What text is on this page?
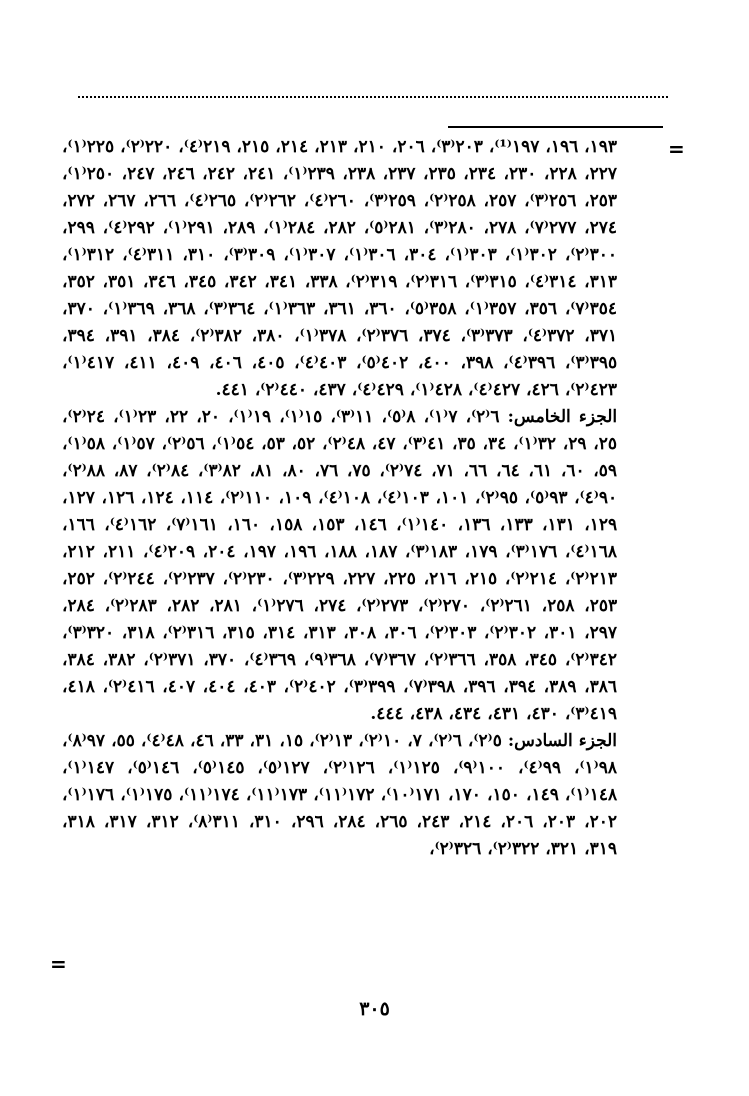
=

١٩٣، ١٩٦، ١٩٧⁽¹⁾، ٢٠٣⁽٣⁾، ٢٠٦، ٢١٠، ٢١٣، ٢١٤، ٢١٥، ٢١٩⁽٤⁾، ٢٢٠⁽٢⁾، ٢٢٥⁽١⁾، ٢٢٧، ٢٢٨، ٢٣٠، ٢٣٤، ٢٣٥، ٢٣٧، ٢٣٨، ٢٣٩⁽١⁾، ٢٤١، ٢٤٢، ٢٤٦، ٢٤٧، ٢٥٠⁽١⁾، ٢٥٣، ٢٥٦⁽٣⁾، ٢٥٧، ٢٥٨⁽٢⁾، ٢٥٩⁽٣⁾، ٢٦٠⁽٤⁾، ٢٦٢⁽٢⁾، ٢٦٥⁽٤⁾، ٢٦٦، ٢٦٧، ٢٧٢، ٢٧٤، ٢٧٧⁽٧⁾، ٢٧٨، ٢٨٠⁽٣⁾، ٢٨١⁽٥⁾، ٢٨٢، ٢٨٤⁽١⁾، ٢٨٩، ٢٩١⁽١⁾، ٢٩٢⁽٤⁾، ٢٩٩، ٣٠٠⁽٢⁾، ٣٠٢⁽١⁾، ٣٠٣⁽١⁾، ٣٠٤، ٣٠٦⁽١⁾، ٣٠٧⁽١⁾، ٣٠٩⁽٣⁾، ٣١٠، ٣١١⁽٤⁾، ٣١٢⁽١⁾، ٣١٣، ٣١٤⁽٤⁾، ٣١٥⁽٣⁾، ٣١٦⁽٢⁾، ٣١٩⁽٢⁾، ٣٣٨، ٣٤١، ٣٤٢، ٣٤٥، ٣٤٦، ٣٥١، ٣٥٢، ٣٥٤⁽٧⁾، ٣٥٦، ٣٥٧⁽١⁾، ٣٥٨⁽٥⁾، ٣٦٠، ٣٦١، ٣٦٣⁽١⁾، ٣٦٤⁽٣⁾، ٣٦٨، ٣٦٩⁽١⁾، ٣٧٠، ٣٧١، ٣٧٢⁽٤⁾، ٣٧٣⁽٣⁾، ٣٧٤، ٣٧٦⁽٢⁾، ٣٧٨⁽١⁾، ٣٨٠، ٣٨٢⁽٢⁾، ٣٨٤، ٣٩١، ٣٩٤، ٣٩٥⁽٣⁾، ٣٩٦⁽٤⁾، ٣٩٨، ٤٠٠، ٤٠٢⁽٥⁾، ٤٠٣⁽٤⁾، ٤٠٥، ٤٠٦، ٤٠٩، ٤١١، ٤١٧⁽١⁾، ٤٢٣⁽٢⁾، ٤٢٦، ٤٢٧⁽٤⁾، ٤٢٨⁽١⁾، ٤٢٩⁽٤⁾، ٤٣٧، ٤٤٠⁽٢⁾، ٤٤١.

الجزء الخامس: ٦⁽٢⁾، ٧⁽١⁾، ٨⁽٥⁾، ١١⁽٣⁾، ١٥⁽١⁾، ١٩⁽١⁾، ٢٠، ٢٢، ٢٣⁽١⁾، ٢٤⁽٢⁾، ٢٥، ٢٩، ٣٢⁽١⁾، ٣٤، ٣٥، ٤١⁽٣⁾، ٤٧، ٤٨⁽٢⁾، ٥٢، ٥٣، ٥٤⁽١⁾، ٥٦⁽٢⁾، ٥٧⁽١⁾، ٥٨⁽١⁾، ٥٩، ٦٠، ٦١، ٦٤، ٦٦، ٧١، ٧٤⁽٢⁾، ٧٥، ٧٦، ٨٠، ٨١، ٨٢⁽٣⁾، ٨٤⁽٢⁾، ٨٧، ٨٨⁽٢⁾، ٩٠⁽٤⁾، ٩٣⁽٥⁾، ٩٥⁽٢⁾، ١٠١، ١٠٣⁽٤⁾، ١٠٨⁽٤⁾، ١٠٩، ١١٠⁽٢⁾، ١١٤، ١٢٤، ١٢٦، ١٢٧، ١٢٩، ١٣١، ١٣٣، ١٣٦، ١٤٠⁽١⁾، ١٤٦، ١٥٣، ١٥٨، ١٦٠، ١٦١⁽٧⁾، ١٦٢⁽٤⁾، ١٦٦، ١٦٨⁽٤⁾، ١٧٦⁽٣⁾، ١٧٩، ١٨٣⁽٣⁾، ١٨٧، ١٨٨، ١٩٦، ١٩٧، ٢٠٤، ٢٠٩⁽٤⁾، ٢١١، ٢١٢، ٢١٣⁽٢⁾، ٢١٤⁽٢⁾، ٢١٥، ٢١٦، ٢٢٥، ٢٢٧، ٢٢٩⁽٣⁾، ٢٣٠⁽٢⁾، ٢٣٧⁽٢⁾، ٢٤٤⁽٢⁾، ٢٥٢، ٢٥٣، ٢٥٨، ٢٦١⁽٢⁾، ٢٧٠⁽٢⁾، ٢٧٣⁽٢⁾، ٢٧٤، ٢٧٦⁽١⁾، ٢٨١، ٢٨٢، ٢٨٣⁽٢⁾، ٢٨٤، ٢٩٧، ٣٠١، ٣٠٢⁽٢⁾، ٣٠٣⁽٢⁾، ٣٠٦، ٣٠٨، ٣١٣، ٣١٤، ٣١٥، ٣١٦⁽٢⁾، ٣١٨، ٣٢٠⁽٣⁾، ٣٤٢⁽٢⁾، ٣٤٥، ٣٥٨، ٣٦٦⁽٢⁾، ٣٦٧⁽٧⁾، ٣٦٨⁽٩⁾، ٣٦٩⁽٤⁾، ٣٧٠، ٣٧١⁽٢⁾، ٣٨٢، ٣٨٤، ٣٨٦، ٣٨٩، ٣٩٤، ٣٩٦، ٣٩٨⁽٧⁾، ٣٩٩⁽٣⁾، ٤٠٢⁽٢⁾، ٤٠٣، ٤٠٤، ٤٠٧، ٤١٦⁽٢⁾، ٤١٨، ٤١٩⁽٣⁾، ٤٣٠، ٤٣١، ٤٣٤، ٤٣٨، ٤٤٤.

الجزء السادس: ٥⁽٢⁾، ٦⁽٢⁾، ٧، ١٠⁽٢⁾، ١٣⁽٢⁾، ١٥، ٣١، ٣٣، ٤٦، ٤٨⁽٤⁾، ٥٥، ٩٧⁽٨⁾، ٩٨⁽١⁾، ٩٩⁽٤⁾، ١٠٠⁽٩⁾، ١٢٥⁽١⁾، ١٢٦⁽٢⁾، ١٢٧⁽٥⁾، ١٤٥⁽٥⁾، ١٤٦⁽٥⁾، ١٤٧⁽١⁾، ١٤٨⁽١⁾، ١٤٩، ١٥٠، ١٧٠، ١٧١⁽١٠⁾، ١٧٢⁽١١⁾، ١٧٣⁽١١⁾، ١٧٤⁽١١⁾، ١٧٥⁽١⁾، ١٧٦⁽١⁾، ٢٠٢، ٢٠٣، ٢٠٦، ٢١٤، ٢٤٣، ٢٦٥، ٢٨٤، ٢٩٦، ٣١٠، ٣١١⁽٨⁾، ٣١٢، ٣١٧، ٣١٨، ٣١٩، ٣٢١، ٣٢٢⁽٢⁾، ٣٢٦⁽٢⁾،

=
٣٠٥
